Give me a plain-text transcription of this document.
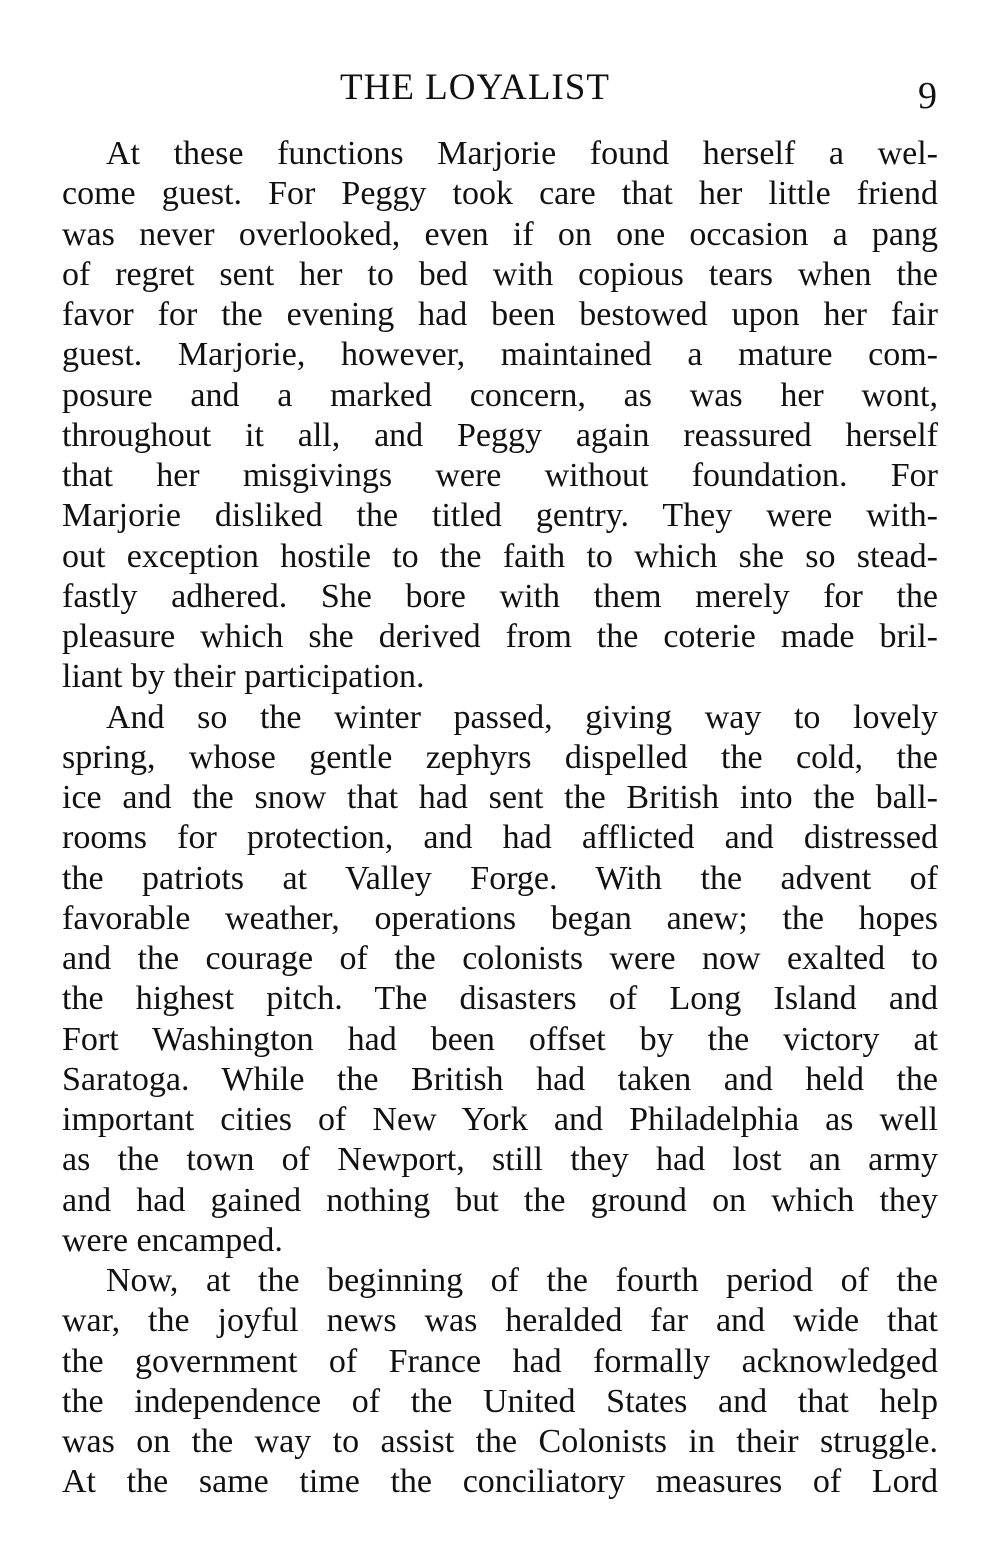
THE LOYALIST	9
At these functions Marjorie found herself a wel-
come guest. For Peggy took care that her little friend
was never overlooked, even if on one occasion a pang
of regret sent her to bed with copious tears when the
favor for the evening had been bestowed upon her fair
guest. Marjorie, however, maintained a mature com-
posure and a marked concern, as was her wont,
throughout it all, and Peggy again reassured herself
that her misgivings were without foundation. For
Marjorie disliked the titled gentry. They were with-
out exception hostile to the faith to which she so stead-
fastly adhered. She bore with them merely for the
pleasure which she derived from the coterie made bril-
liant by their participation.
And so the winter passed, giving way to lovely
spring, whose gentle zephyrs dispelled the cold, the
ice and the snow that had sent the British into the ball-
rooms for protection, and had afflicted and distressed
the patriots at Valley Forge. With the advent of
favorable weather, operations began anew; the hopes
and the courage of the colonists were now exalted to
the highest pitch. The disasters of Long Island and
Fort Washington had been offset by the victory at
Saratoga. While the British had taken and held the
important cities of New York and Philadelphia as well
as the town of Newport, still they had lost an army
and had gained nothing but the ground on which they
were encamped.
Now, at the beginning of the fourth period of the
war, the joyful news was heralded far and wide that
the government of France had formally acknowledged
the independence of the United States and that help
was on the way to assist the Colonists in their struggle.
At the same time the conciliatory measures of Lord
